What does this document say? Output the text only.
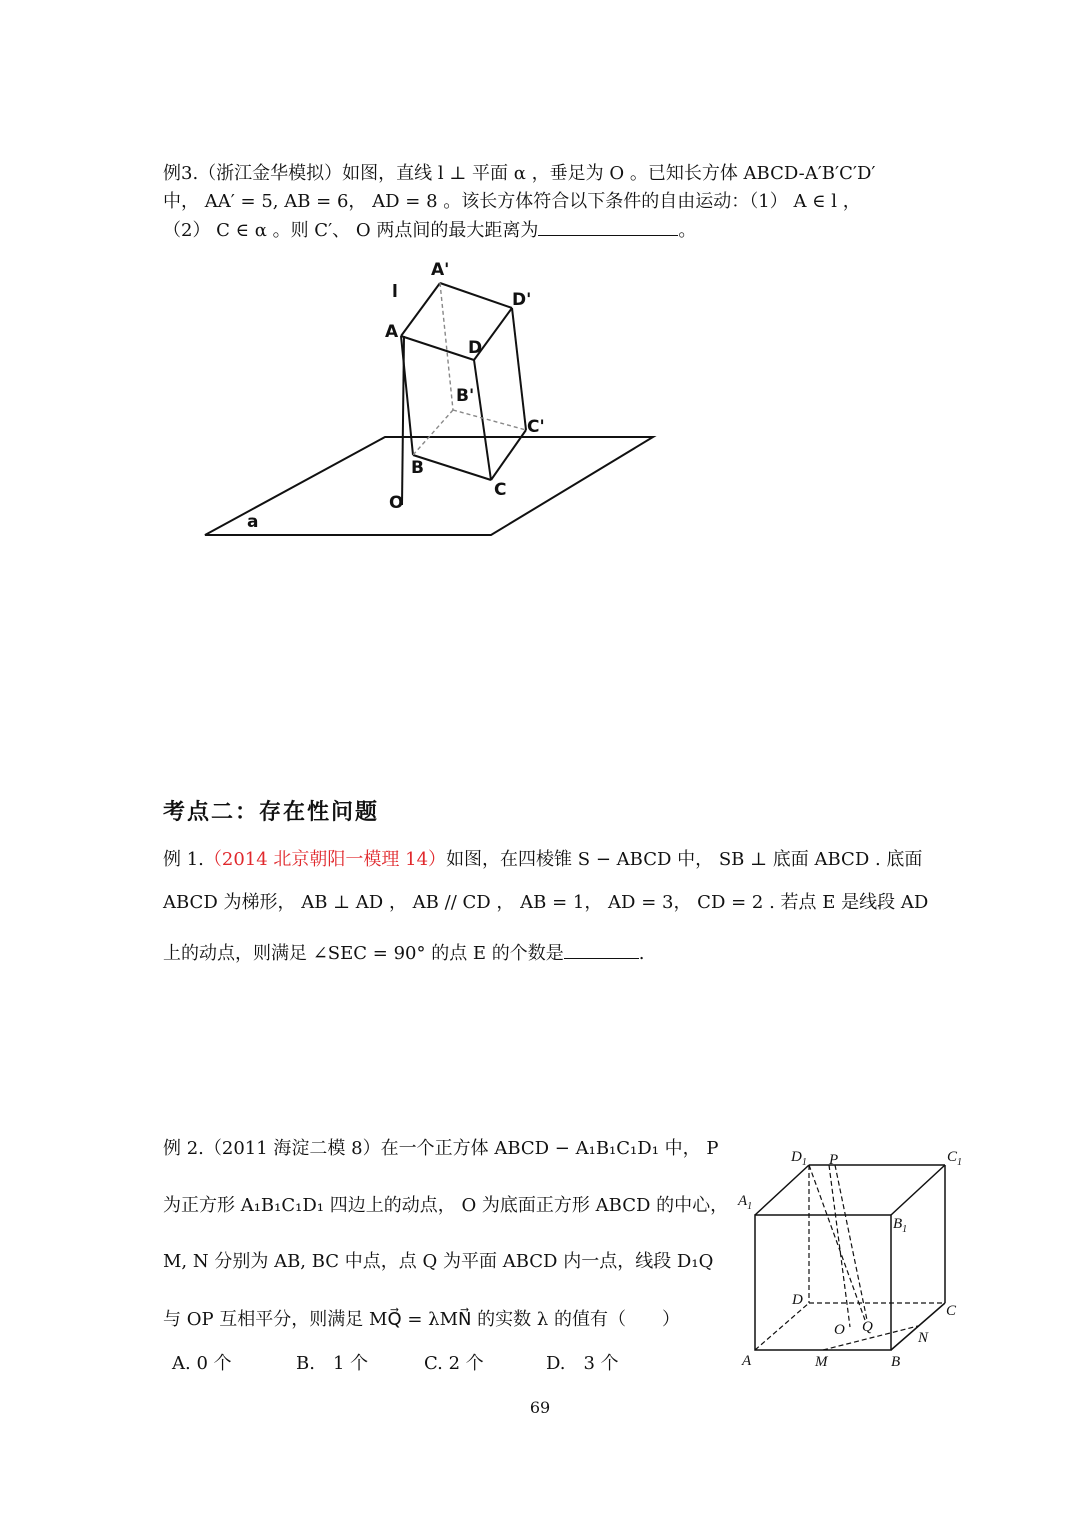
例3.（浙江金华模拟）如图，直线 l ⊥ 平面 α ，垂足为 O 。已知长方体 ABCD-A′B′C′D′
中， AA′ = 5, AB = 6， AD = 8 。该长方体符合以下条件的自由运动：（1） A ∈ l ，
（2） C ∈ α 。则 C′、 O 两点间的最大距离为	。
l
A'
D'
A
D
B'
C'
B
C
O
a
$D_1$ P	$C_1$
$A_1$
$B_1$
D
C
O Q
N
A	M	B
考点二：存在性问题
例 1.（2014 北京朝阳一模理 14）如图，在四棱锥 S − ABCD 中， SB ⊥ 底面 ABCD . 底面
ABCD 为梯形， AB ⊥ AD ， AB // CD ， AB = 1， AD = 3， CD = 2 . 若点 E 是线段 AD
上的动点，则满足 ∠SEC = 90° 的点 E 的个数是	.
例 2.（2011 海淀二模 8）在一个正方体 ABCD − A₁B₁C₁D₁ 中， P
为正方形 A₁B₁C₁D₁ 四边上的动点， O 为底面正方形 ABCD 的中心，
M, N 分别为 AB, BC 中点，点 Q 为平面 ABCD 内一点，线段 D₁Q
与 OP 互相平分，则满足 MQ⃗ = λMN⃗ 的实数 λ 的值有（　　）
A. 0 个	B.　1 个	C. 2 个	D.　3 个
69
